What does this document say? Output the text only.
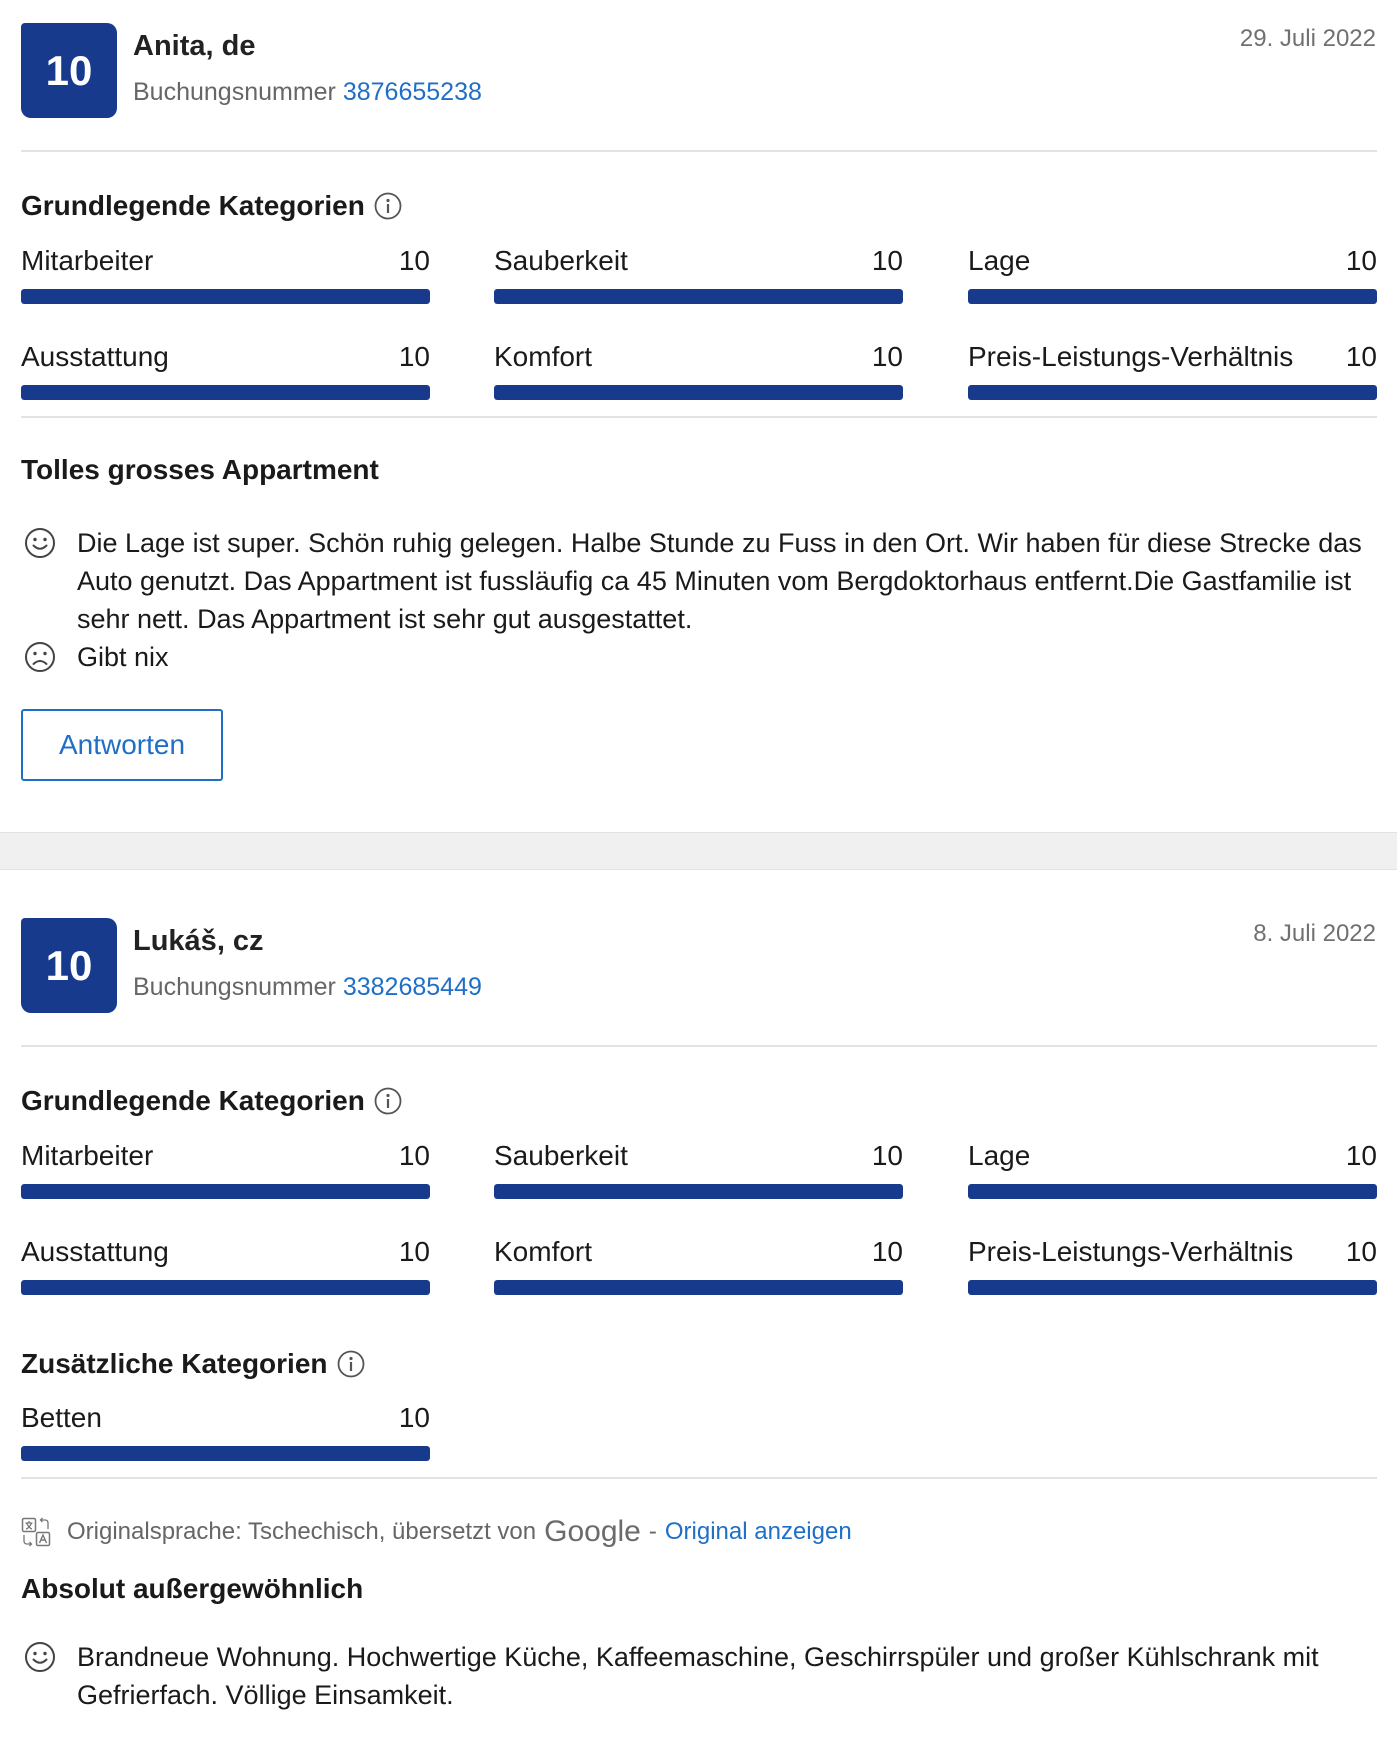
10
Anita, de
Buchungsnummer 3876655238
29. Juli 2022
Grundlegende Kategorien
Mitarbeiter	10 Sauberkeit	10 Lage	10
Ausstattung	10 Komfort	10 Preis-Leistungs-Verhältnis 10
Tolles grosses Appartment
Die Lage ist super. Schön ruhig gelegen. Halbe Stunde zu Fuss in den Ort. Wir haben für diese Strecke das Auto genutzt. Das Appartment ist fussläufig ca 45 Minuten vom Bergdoktorhaus entfernt.Die Gastfamilie ist sehr nett. Das Appartment ist sehr gut ausgestattet.
Gibt nix
Antworten
10
Lukáš, cz
Buchungsnummer 3382685449
8. Juli 2022
Grundlegende Kategorien
Mitarbeiter	10 Sauberkeit	10 Lage	10
Ausstattung	10 Komfort	10 Preis-Leistungs-Verhältnis 10
Zusätzliche Kategorien
Betten	10
Originalsprache: Tschechisch, übersetzt von Google - Original anzeigen
Absolut außergewöhnlich
Brandneue Wohnung. Hochwertige Küche, Kaffeemaschine, Geschirrspüler und großer Kühlschrank mit Gefrierfach. Völlige Einsamkeit.
